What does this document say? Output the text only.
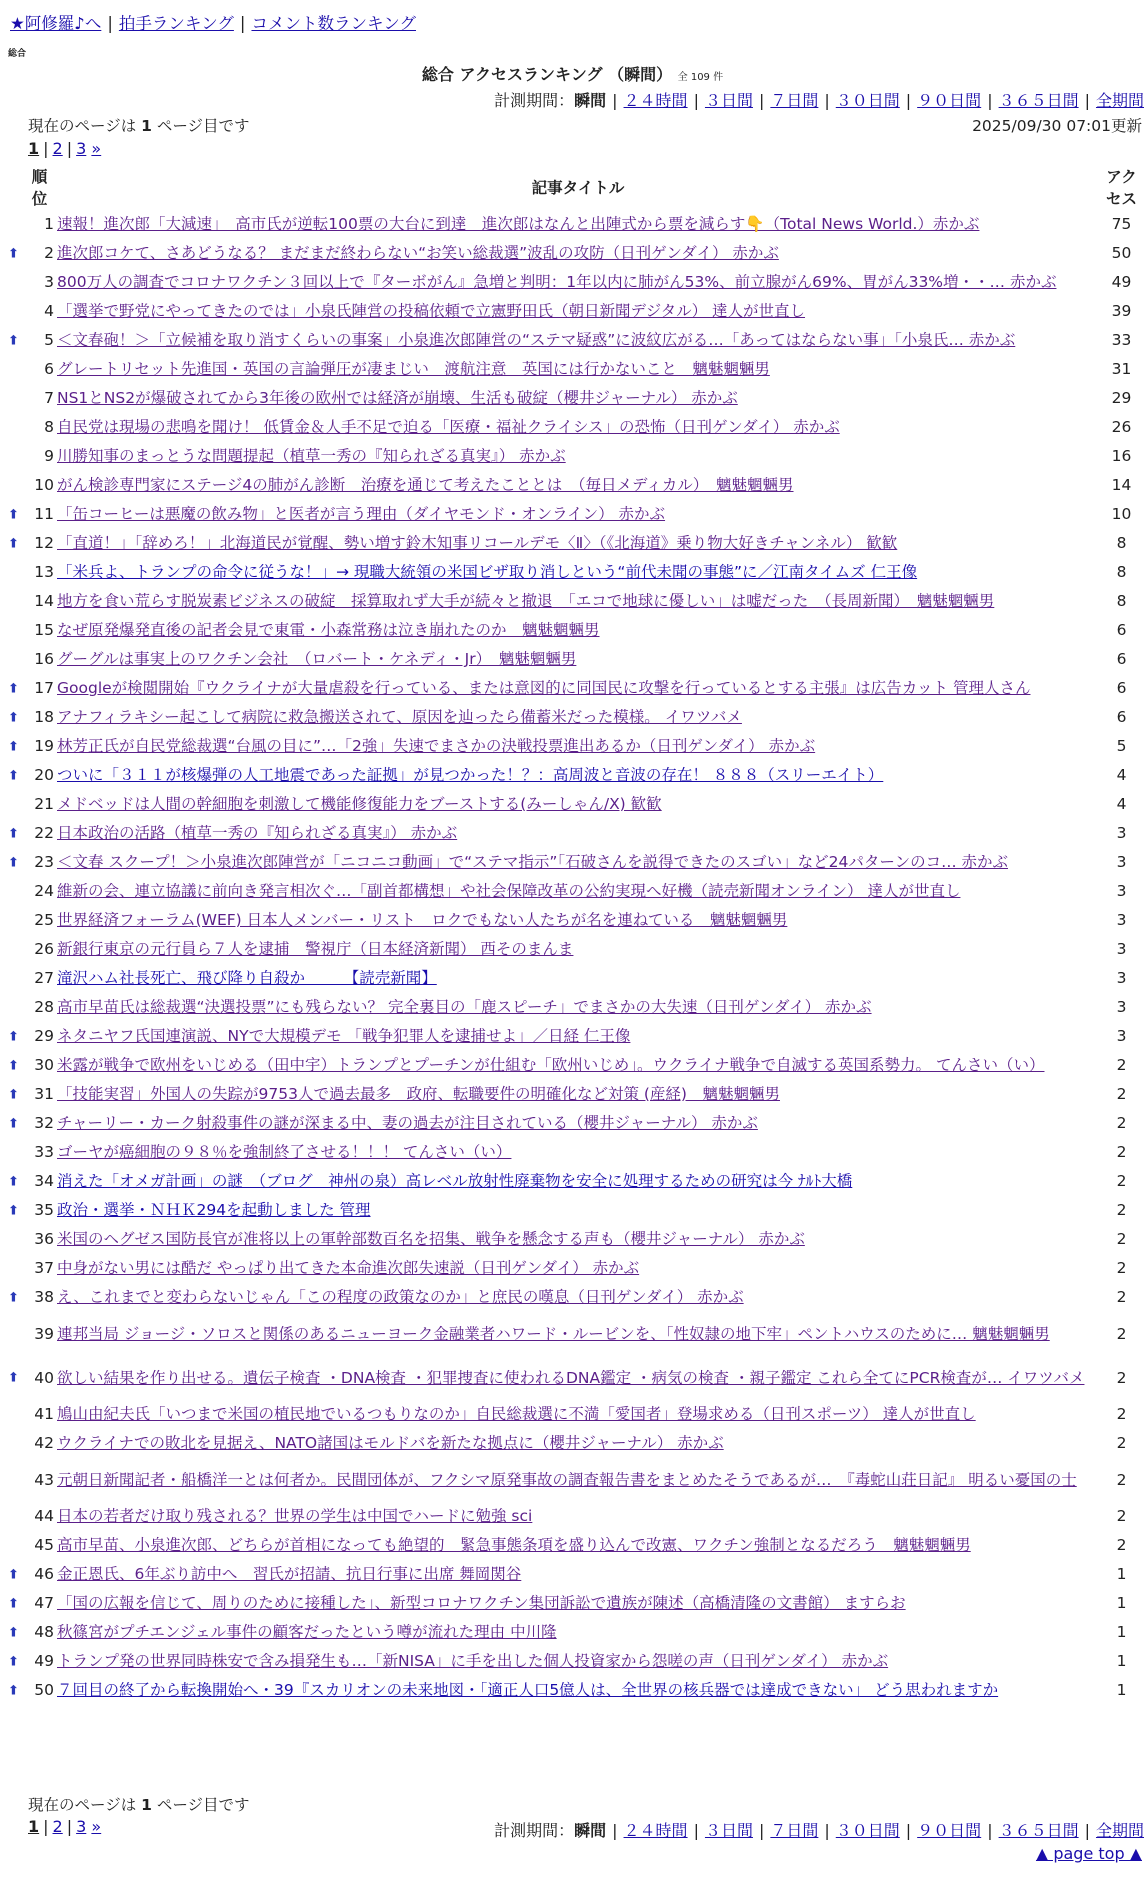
★阿修羅♪へ | 拍手ランキング | コメント数ランキング
総合
総合 アクセスランキング （瞬間） 全 109 件
計測期間：瞬間 | ２４時間 | ３日間 | ７日間 | ３０日間 | ９０日間 | ３６５日間 | 全期間
現在のページは 1 ページ目です	2025/09/30 07:01更新
1 | 2 | 3 »
順
位	記事タイトル	アク
セス
1	速報！進次郎「大減速」　高市氏が逆転100票の大台に到達　進次郎はなんと出陣式から票を減らす👇（Total News World.）赤かぶ	75

⬆ 2	進次郎コケて、さあどうなる？ まだまだ終わらない“お笑い総裁選”波乱の攻防（日刊ゲンダイ） 赤かぶ	50
3	800万人の調査でコロナワクチン３回以上で『ターボがん』急増と判明：1年以内に肺がん53%、前立腺がん69%、胃がん33%増・・… 赤かぶ	49
4	「選挙で野党にやってきたのでは」小泉氏陣営の投稿依頼で立憲野田氏（朝日新聞デジタル） 達人が世直し	39

⬆ 5	＜文春砲！＞「立候補を取り消すくらいの事案」小泉進次郎陣営の“ステマ疑惑”に波紋広がる…「あってはならない事」「小泉氏… 赤かぶ	33
6	グレートリセット先進国・英国の言論弾圧が凄まじい　渡航注意　英国には行かないこと　魑魅魍魎男	31
7	NS1とNS2が爆破されてから3年後の欧州では経済が崩壊、生活も破綻（櫻井ジャーナル） 赤かぶ	29
8	自民党は現場の悲鳴を聞け！ 低賃金＆人手不足で迫る「医療・福祉クライシス」の恐怖（日刊ゲンダイ） 赤かぶ	26
9	川勝知事のまっとうな問題提起（植草一秀の『知られざる真実』） 赤かぶ	16
10	がん検診専門家にステージ4の肺がん診断　治療を通じて考えたこととは　（毎日メディカル）　魑魅魍魎男	14

⬆ 11	「缶コーヒーは悪魔の飲み物」と医者が言う理由（ダイヤモンド・オンライン） 赤かぶ	10

⬆ 12	「直道！」「辞めろ！」北海道民が覚醒、勢い増す鈴木知事リコールデモ〈Ⅱ〉（《北海道》乗り物大好きチャンネル） 歓歓	8
13	「米兵よ、トランプの命令に従うな！」→ 現職大統領の米国ビザ取り消しという“前代未聞の事態”に／江南タイムズ 仁王像	8
14	地方を食い荒らす脱炭素ビジネスの破綻　採算取れず大手が続々と撤退　「エコで地球に優しい」は嘘だった　（長周新聞）　魑魅魍魎男	8
15	なぜ原発爆発直後の記者会見で東電・小森常務は泣き崩れたのか　魑魅魍魎男	6
16	グーグルは事実上のワクチン会社　（ロバート・ケネディ・Jr）　魑魅魍魎男	6

⬆ 17	Googleが検閲開始『ウクライナが大量虐殺を行っている、または意図的に同国民に攻撃を行っているとする主張』は広告カット 管理人さん	6

⬆ 18	アナフィラキシー起こして病院に救急搬送されて、原因を辿ったら備蓄米だった模様。 イワツバメ	6

⬆ 19	林芳正氏が自民党総裁選“台風の目に”…「2強」失速でまさかの決戦投票進出あるか（日刊ゲンダイ） 赤かぶ	5

⬆ 20	ついに「３１１が核爆弾の人工地震であった証拠」が見つかった！？：高周波と音波の存在！ ８８８（スリーエイト）	4
21	メドベッドは人間の幹細胞を刺激して機能修復能力をブーストする(みーしゃん/X) 歓歓	4

⬆ 22	日本政治の活路（植草一秀の『知られざる真実』） 赤かぶ	3

⬆ 23	＜文春 スクープ！＞小泉進次郎陣営が「ニコニコ動画」で“ステマ指示”「石破さんを説得できたのスゴい」など24パターンのコ… 赤かぶ	3
24	維新の会、連立協議に前向き発言相次ぐ…「副首都構想」や社会保障改革の公約実現へ好機（読売新聞オンライン） 達人が世直し	3
25	世界経済フォーラム(WEF) 日本人メンバー・リスト　ロクでもない人たちが名を連ねている　魑魅魍魎男	3
26	新銀行東京の元行員ら７人を逮捕　警視庁（日本経済新聞） 西そのまんま	3
27	滝沢ハム社長死亡、飛び降り自殺か　　　【読売新聞】	3
28	高市早苗氏は総裁選“決選投票”にも残らない？ 完全裏目の「鹿スピーチ」でまさかの大失速（日刊ゲンダイ） 赤かぶ	3

⬆ 29	ネタニヤフ氏国連演説、NYで大規模デモ 「戦争犯罪人を逮捕せよ」／日経 仁王像	3

⬆ 30	米露が戦争で欧州をいじめる（田中宇）トランプとプーチンが仕組む「欧州いじめ」。ウクライナ戦争で自滅する英国系勢力。 てんさい（い）	2

⬆ 31	「技能実習」外国人の失踪が9753人で過去最多　政府、転職要件の明確化など対策 (産経)　魑魅魍魎男	2

⬆ 32	チャーリー・カーク射殺事件の謎が深まる中、妻の過去が注目されている（櫻井ジャーナル） 赤かぶ	2
33	ゴーヤが癌細胞の９８％を強制終了させる！！！ てんさい（い）	2

⬆ 34	消えた「オメガ計画」の謎　（ブログ　神州の泉）高レベル放射性廃棄物を安全に処理するための研究は今 ﾅﾙﾄ大橋	2

⬆ 35	政治・選挙・ＮＨＫ294を起動しました 管理	2
36	米国のヘグゼス国防長官が准将以上の軍幹部数百名を招集、戦争を懸念する声も（櫻井ジャーナル） 赤かぶ	2
37	中身がない男には酷だ やっぱり出てきた本命進次郎失速説（日刊ゲンダイ） 赤かぶ	2

⬆ 38	え、これまでと変わらないじゃん「この程度の政策なのか」と庶民の嘆息（日刊ゲンダイ） 赤かぶ	2
39	連邦当局 ジョージ・ソロスと関係のあるニューヨーク金融業者ハワード・ルービンを、「性奴隷の地下牢」ペントハウスのために… 魑魅魍魎男	2

⬆ 40	欲しい結果を作り出せる。遺伝子検査 ・DNA検査 ・犯罪捜査に使われるDNA鑑定 ・病気の検査 ・親子鑑定 これら全てにPCR検査が… イワツバメ	2
41	鳩山由紀夫氏「いつまで米国の植民地でいるつもりなのか」自民総裁選に不満「愛国者」登場求める（日刊スポーツ） 達人が世直し	2
42	ウクライナでの敗北を見据え、NATO諸国はモルドバを新たな拠点に（櫻井ジャーナル） 赤かぶ	2
43	元朝日新聞記者・船橋洋一とは何者か。民間団体が、フクシマ原発事故の調査報告書をまとめたそうであるが…　『毒蛇山荘日記』 明るい憂国の士	2
44	日本の若者だけ取り残される？世界の学生は中国でハードに勉強 sci	2
45	高市早苗、小泉進次郎、どちらが首相になっても絶望的　緊急事態条項を盛り込んで改憲、ワクチン強制となるだろう　魑魅魍魎男	2

⬆ 46	金正恩氏、6年ぶり訪中へ　習氏が招請、抗日行事に出席 舞岡関谷	1

⬆ 47	「国の広報を信じて、周りのために接種した」、新型コロナワクチン集団訴訟で遺族が陳述（高橋清隆の文書館） ますらお	1

⬆ 48	秋篠宮がプチエンジェル事件の顧客だったという噂が流れた理由 中川隆	1

⬆ 49	トランプ発の世界同時株安で含み損発生も…「新NISA」に手を出した個人投資家から怨嗟の声（日刊ゲンダイ） 赤かぶ	1

⬆ 50	７回目の終了から転換開始へ・39『スカリオンの未来地図・「適正人口5億人は、全世界の核兵器では達成できない」 どう思われますか	1
現在のページは 1 ページ目です
1 | 2 | 3 »	計測期間：瞬間 | ２４時間 | ３日間 | ７日間 | ３０日間 | ９０日間 | ３６５日間 | 全期間
▲ page top ▲
